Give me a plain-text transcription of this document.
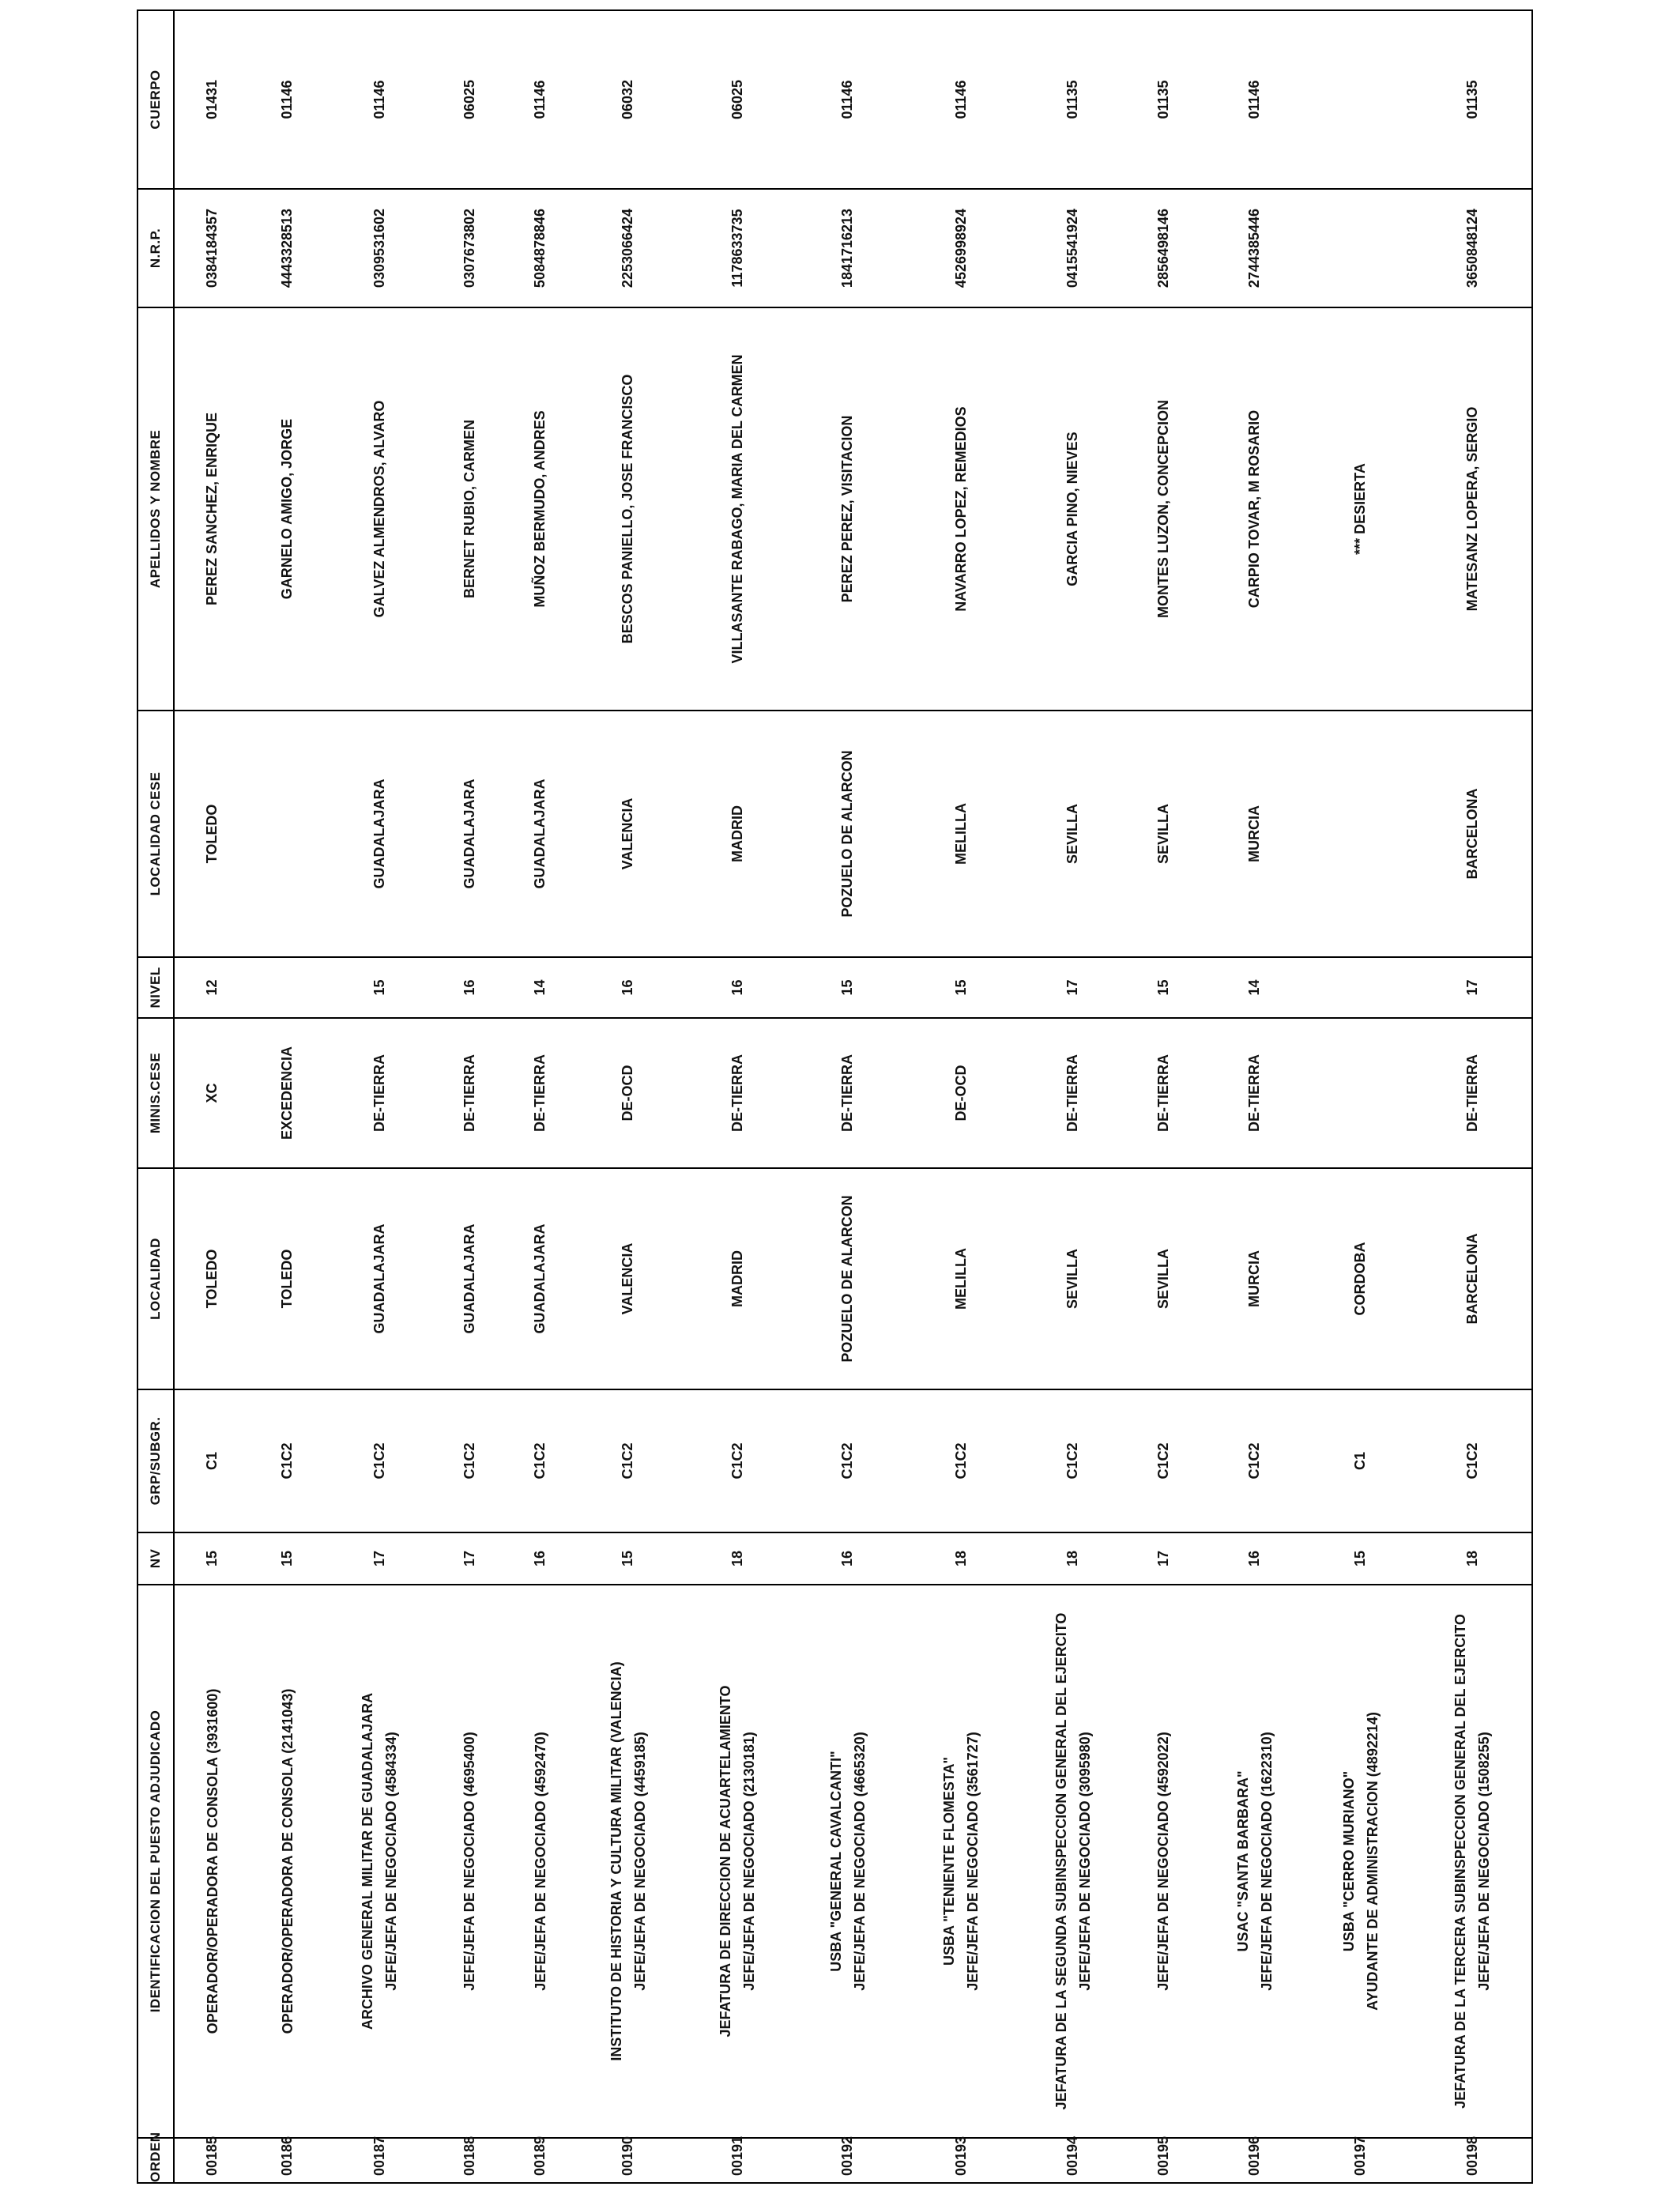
ORDEN	IDENTIFICACION DEL PUESTO ADJUDICADO	NV	GRP/SUBGR.	LOCALIDAD	MINIS.CESE	NIVEL	LOCALIDAD CESE	APELLIDOS Y NOMBRE	N.R.P.	CUERPO

00185	OPERADOR/OPERADORA DE CONSOLA (3931600)	15	C1	TOLEDO	XC	12	TOLEDO	PEREZ SANCHEZ, ENRIQUE	0384184357	01431

00186	OPERADOR/OPERADORA DE CONSOLA (2141043)	15	C1C2	TOLEDO	EXCEDENCIA			GARNELO AMIGO, JORGE	4443328513	01146

00187	ARCHIVO GENERAL MILITAR DE GUADALAJARA JEFE/JEFA DE NEGOCIADO (4584334)	17	C1C2	GUADALAJARA	DE-TIERRA	15	GUADALAJARA	GALVEZ ALMENDROS, ALVARO	0309531602	01146

00188	JEFE/JEFA DE NEGOCIADO (4695400)	17	C1C2	GUADALAJARA	DE-TIERRA	16	GUADALAJARA	BERNET RUBIO, CARMEN	0307673802	06025

00189	JEFE/JEFA DE NEGOCIADO (4592470)	16	C1C2	GUADALAJARA	DE-TIERRA	14	GUADALAJARA	MUÑOZ BERMUDO, ANDRES	5084878846	01146

00190	INSTITUTO DE HISTORIA Y CULTURA MILITAR (VALENCIA) JEFE/JEFA DE NEGOCIADO (4459185)	15	C1C2	VALENCIA	DE-OCD	16	VALENCIA	BESCOS PANIELLO, JOSE FRANCISCO	2253066424	06032

00191	JEFATURA DE DIRECCION DE ACUARTELAMIENTO JEFE/JEFA DE NEGOCIADO (2130181)	18	C1C2	MADRID	DE-TIERRA	16	MADRID	VILLASANTE RABAGO, MARIA DEL CARMEN	1178633735	06025

00192	USBA "GENERAL CAVALCANTI" JEFE/JEFA DE NEGOCIADO (4665320)	16	C1C2	POZUELO DE ALARCON	DE-TIERRA	15	POZUELO DE ALARCON	PEREZ PEREZ, VISITACION	1841716213	01146

00193	USBA "TENIENTE FLOMESTA" JEFE/JEFA DE NEGOCIADO (3561727)	18	C1C2	MELILLA	DE-OCD	15	MELILLA	NAVARRO LOPEZ, REMEDIOS	4526998924	01146

00194	JEFATURA DE LA SEGUNDA SUBINSPECCION GENERAL DEL EJERCITO JEFE/JEFA DE NEGOCIADO (3095980)	18	C1C2	SEVILLA	DE-TIERRA	17	SEVILLA	GARCIA PINO, NIEVES	0415541924	01135

00195	JEFE/JEFA DE NEGOCIADO (4592022)	17	C1C2	SEVILLA	DE-TIERRA	15	SEVILLA	MONTES LUZON, CONCEPCION	2856498146	01135

00196	USAC "SANTA BARBARA" JEFE/JEFA DE NEGOCIADO (1622310)	16	C1C2	MURCIA	DE-TIERRA	14	MURCIA	CARPIO TOVAR, M ROSARIO	2744385446	01146

00197	USBA "CERRO MURIANO" AYUDANTE DE ADMINISTRACION (4892214)	15	C1	CORDOBA				*** DESIERTA		

00198	JEFATURA DE LA TERCERA SUBINSPECCION GENERAL DEL EJERCITO JEFE/JEFA DE NEGOCIADO (1508255)	18	C1C2	BARCELONA	DE-TIERRA	17	BARCELONA	MATESANZ LOPERA, SERGIO	3650848124	01135
